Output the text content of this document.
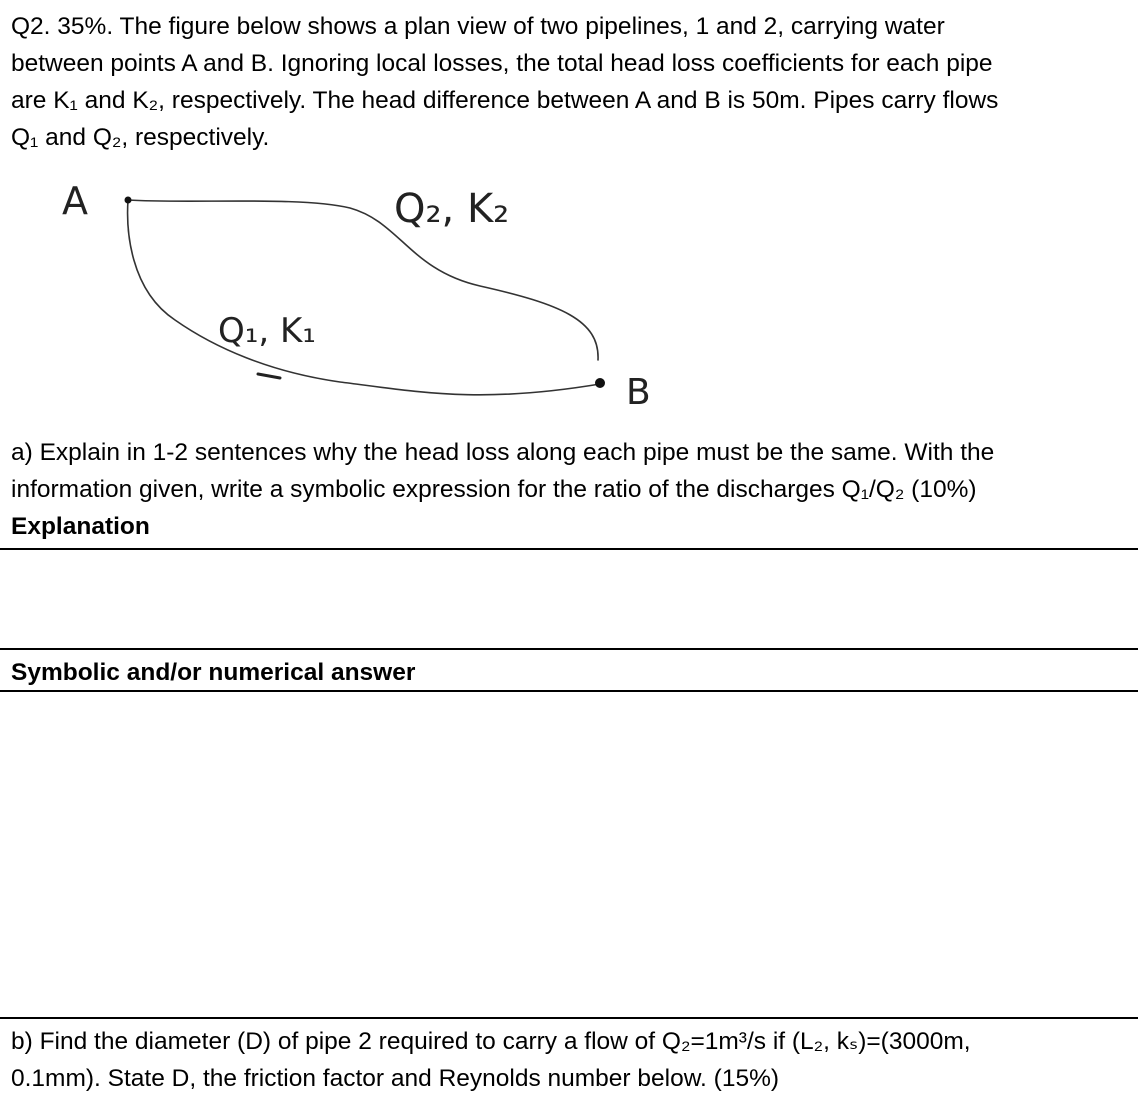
Q2. 35%. The figure below shows a plan view of two pipelines, 1 and 2, carrying water
between points A and B. Ignoring local losses, the total head loss coefficients for each pipe
are K₁ and K₂, respectively. The head difference between A and B is 50m. Pipes carry flows
Q₁ and Q₂, respectively.
A
B
Q₂, K₂
Q₁, K₁
a) Explain in 1-2 sentences why the head loss along each pipe must be the same. With the
information given, write a symbolic expression for the ratio of the discharges Q₁/Q₂ (10%)
Explanation
Symbolic and/or numerical answer
b) Find the diameter (D) of pipe 2 required to carry a flow of Q₂=1m³/s if (L₂, kₛ)=(3000m,
0.1mm). State D, the friction factor and Reynolds number below. (15%)
